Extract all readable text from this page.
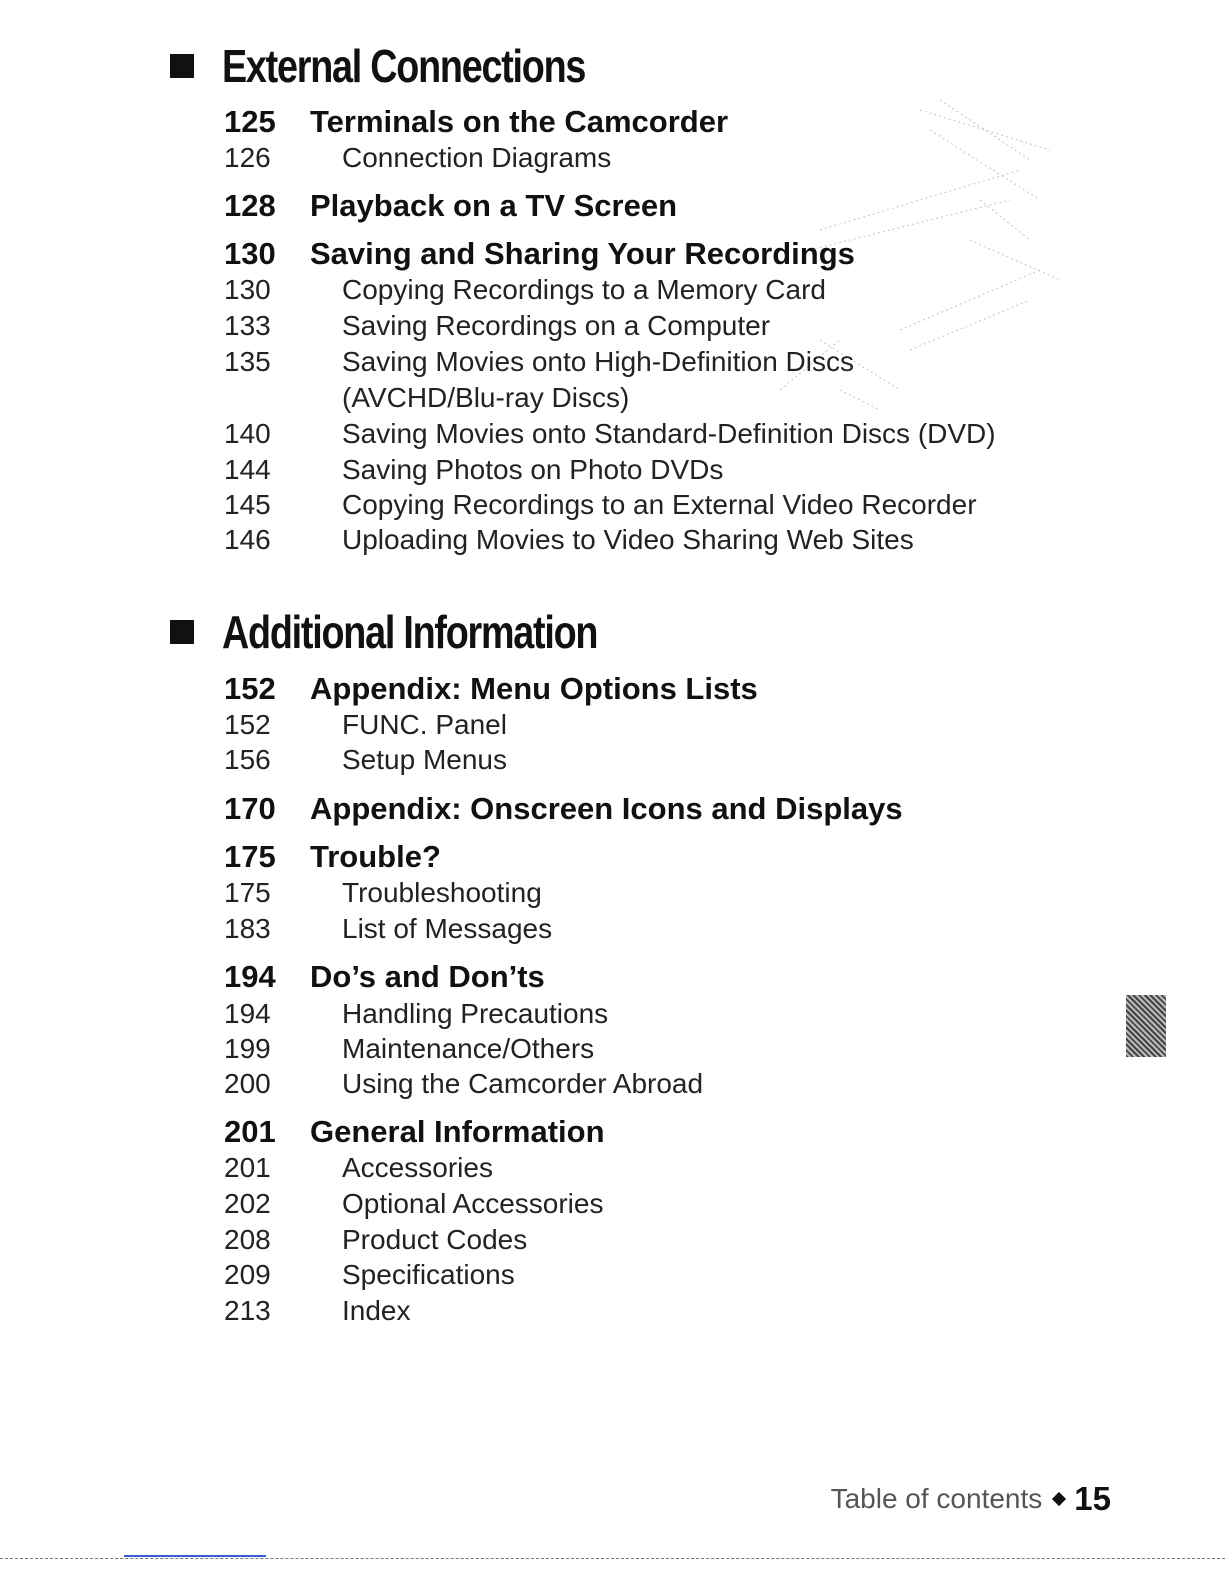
External Connections
125	Terminals on the Camcorder
126	Connection Diagrams
128	Playback on a TV Screen
130	Saving and Sharing Your Recordings
130	Copying Recordings to a Memory Card
133	Saving Recordings on a Computer
135	Saving Movies onto High-Definition Discs
(AVCHD/Blu-ray Discs)
140	Saving Movies onto Standard-Definition Discs (DVD)
144	Saving Photos on Photo DVDs
145	Copying Recordings to an External Video Recorder
146	Uploading Movies to Video Sharing Web Sites
Additional Information
152	Appendix: Menu Options Lists
152	FUNC. Panel
156	Setup Menus
170	Appendix: Onscreen Icons and Displays
175	Trouble?
175	Troubleshooting
183	List of Messages
194	Do’s and Don’ts
194	Handling Precautions
199	Maintenance/Others
200	Using the Camcorder Abroad
201	General Information
201	Accessories
202	Optional Accessories
208	Product Codes
209	Specifications
213	Index
Table of contents 15
